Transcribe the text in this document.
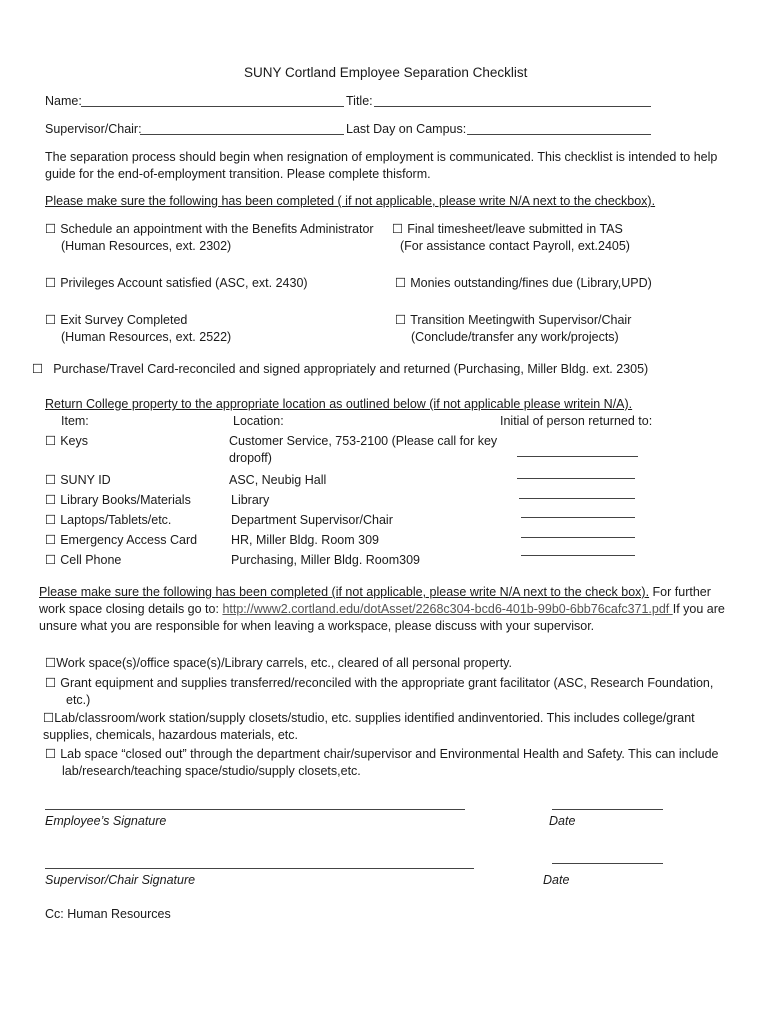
SUNY Cortland Employee Separation Checklist
Name:	Title:
Supervisor/Chair:	Last Day on Campus:
The separation process should begin when resignation of employment is communicated. This checklist is intended to help guide for the end-of-employment transition. Please complete thisform.
Please make sure the following has been completed ( if not applicable, please write N/A next to the checkbox).
☐ Schedule an appointment with the Benefits Administrator
(Human Resources, ext. 2302)
☐ Final timesheet/leave submitted in TAS
(For assistance contact Payroll, ext.2405)
☐ Privileges Account satisfied (ASC, ext. 2430)
☐	Monies outstanding/fines due (Library,UPD)
☐ Exit Survey Completed
(Human Resources, ext. 2522)
☐ Transition Meetingwith Supervisor/Chair
(Conclude/transfer any work/projects)
☐ Purchase/Travel Card-reconciled and signed appropriately and returned (Purchasing, Miller Bldg. ext. 2305)
Return College property to the appropriate location as outlined below (if not applicable please writein N/A).
Item:	Location:	Initial of person returned to:
☐ Keys	Customer Service, 753-2100 (Please call for key
dropoff)
☐ SUNY ID	ASC, Neubig Hall
☐ Library Books/Materials	Library
☐ Laptops/Tablets/etc.	Department Supervisor/Chair
☐ Emergency Access Card	HR, Miller Bldg. Room 309
☐ Cell Phone	Purchasing, Miller Bldg. Room309
Please make sure the following has been completed (if not applicable, please write N/A next to the check box). For further work space closing details go to: http://www2.cortland.edu/dotAsset/2268c304-bcd6-401b-99b0-6bb76cafc371.pdf If you are unsure what you are responsible for when leaving a workspace, please discuss with your supervisor.
☐Work space(s)/office space(s)/Library carrels, etc., cleared of all personal property.
☐ Grant equipment and supplies transferred/reconciled with the appropriate grant facilitator (ASC, Research Foundation,
etc.)
☐Lab/classroom/work station/supply closets/studio, etc. supplies identified andinventoried. This includes college/grant
supplies, chemicals, hazardous materials, etc.
☐ Lab space “closed out” through the department chair/supervisor and Environmental Health and Safety. This can include
lab/research/teaching space/studio/supply closets,etc.
Employee’s Signature	Date
Supervisor/Chair Signature	Date
Cc: Human Resources
